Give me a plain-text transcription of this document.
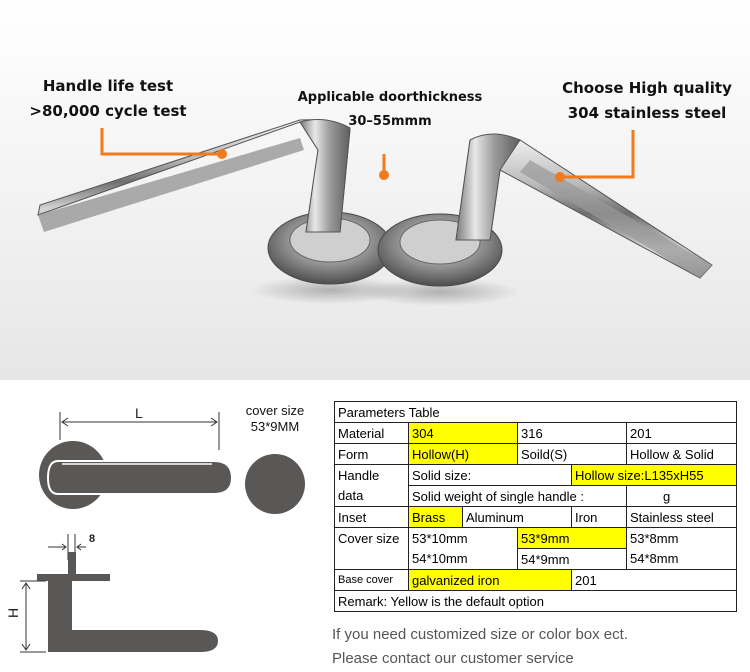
Handle life test
>80,000 cycle test
Applicable doorthickness
30–55mmm
Choose High quality
304 stainless steel
L
8
H
cover size
53*9MM
Parameters Table					
Material	304		316		201
Form	Hollow(H)		Soild(S)		Hollow & Solid
Handle	Solid size:			Hollow size:L135xH55	
data	Solid weight of single handle :				g
Inset	Brass	Aluminum		Iron	Stainless steel
Cover size	53*10mm		53*9mm		53*8mm
	54*10mm		54*9mm		54*8mm
Base cover	galvanized iron			201	
Remark: Yellow is the default option					
If you need customized size or color box ect.
Please contact our customer service
